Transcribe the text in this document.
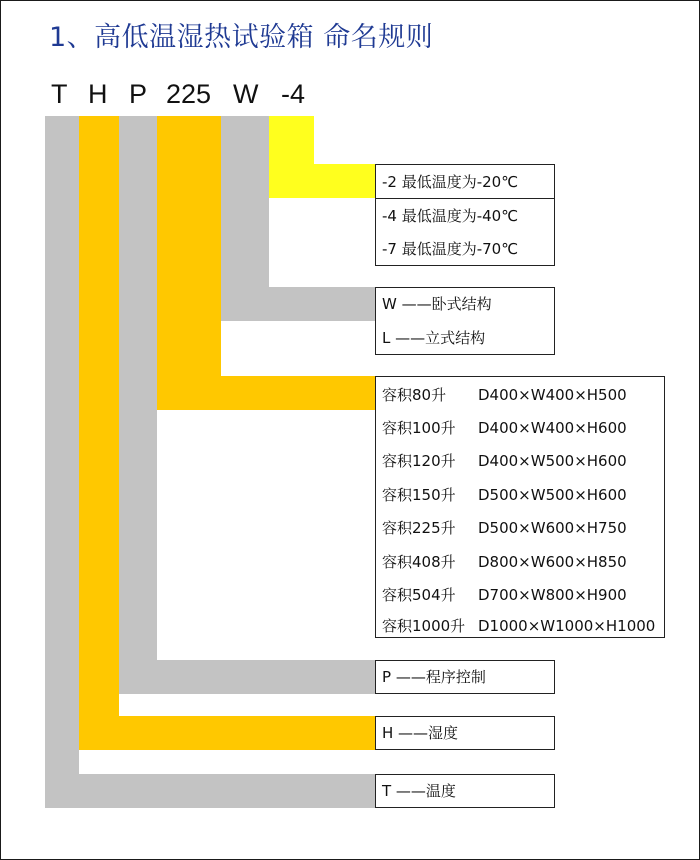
1、高低温湿热试验箱 命名规则
T H P 225 W -4
-2 最低温度为-20℃
-4 最低温度为-40℃
-7 最低温度为-70℃
W ——卧式结构
L ——立式结构
容积80升 D400×W400×H500
容积100升 D400×W400×H600
容积120升 D400×W500×H600
容积150升 D500×W500×H600
容积225升 D500×W600×H750
容积408升 D800×W600×H850
容积504升 D700×W800×H900
容积1000升 D1000×W1000×H1000
P ——程序控制
H ——湿度
T ——温度
